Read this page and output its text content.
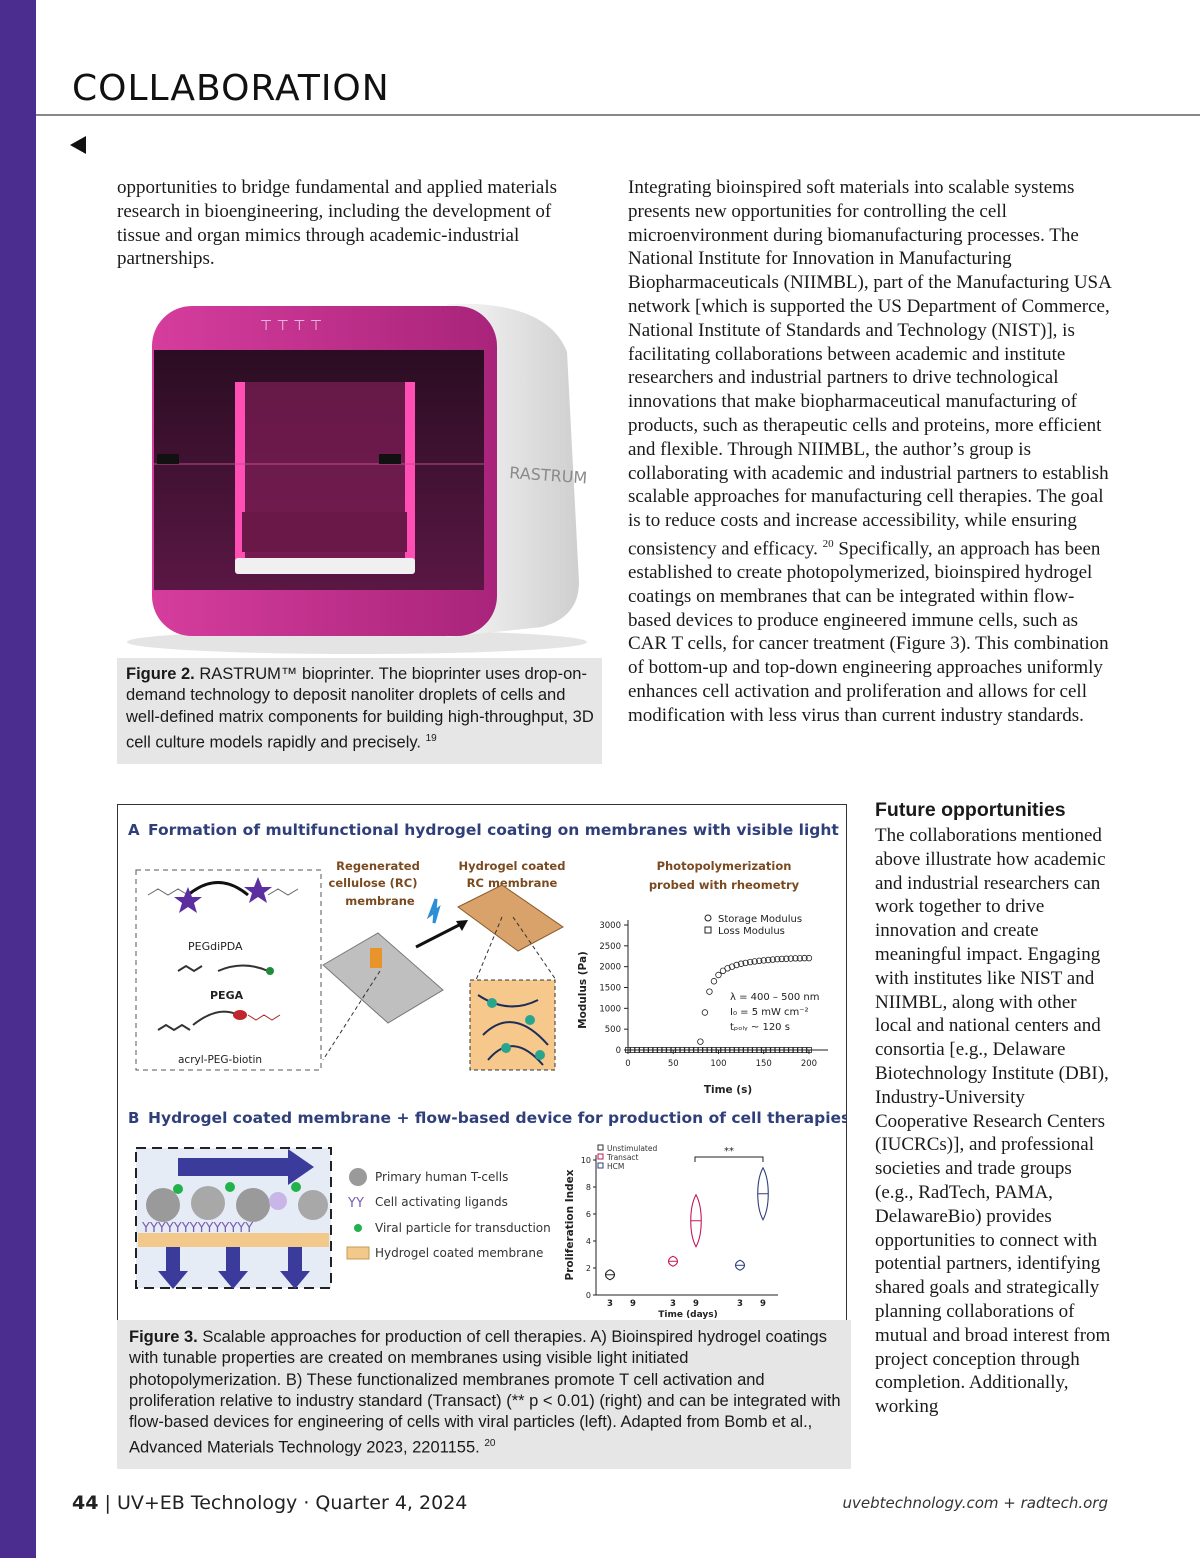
COLLABORATION

opportunities to bridge fundamental and applied materials research in bioengineering, including the development of tissue and organ mimics through academic-industrial partnerships.

Integrating bioinspired soft materials into scalable systems presents new opportunities for controlling the cell microenvironment during biomanufacturing processes. The National Institute for Innovation in Manufacturing Biopharmaceuticals (NIIMBL), part of the Manufacturing USA network [which is supported the US Department of Commerce, National Institute of Standards and Technology (NIST)], is facilitating collaborations between academic and institute researchers and industrial partners to drive technological innovations that make biopharmaceutical manufacturing of products, such as therapeutic cells and proteins, more efficient and flexible. Through NIIMBL, the author’s group is collaborating with academic and industrial partners to establish scalable approaches for manufacturing cell therapies. The goal is to reduce costs and increase accessibility, while ensuring consistency and efficacy. $^{20}$ Specifically, an approach has been established to create photopolymerized, bioinspired hydrogel coatings on membranes that can be integrated within flow-based devices to produce engineered immune cells, such as CAR T cells, for cancer treatment (Figure 3). This combination of bottom-up and top-down engineering approaches uniformly enhances cell activation and proliferation and allows for cell modification with less virus than current industry standards.

⊤ ⊤ ⊤ ⊤
RASTRUM

Figure 2. RASTRUM™ bioprinter. The bioprinter uses drop-on-demand technology to deposit nanoliter droplets of cells and well-defined matrix components for building high-throughput, 3D cell culture models rapidly and precisely. $^{19}$

A Formation of multifunctional hydrogel coating on membranes with visible light
PEGdiPDA
PEGA
acryl-PEG-biotin
Regenerated
cellulose (RC)
membrane
Hydrogel coated
RC membrane
Photopolymerization
probed with rheometry
Modulus (Pa)
Time (s)
Storage Modulus
Loss Modulus
λ = 400 – 500 nm
I₀ = 5 mW cm⁻²
tₚₒₗᵧ ~ 120 s
0
500
1000
1500
2000
2500
3000
0	50	100	150	200
B Hydrogel coated membrane + flow-based device for production of cell therapies
YYYYYYYYYYYYYY
Primary human T-cells
YY Cell activating ligands
Viral particle for transduction
Hydrogel coated membrane Proliferation Index
Time (days)
Unstimulated
Transact
HCM
**
0
2
4
6
8
10
3 9	3 9	3 9

Figure 3. Scalable approaches for production of cell therapies. A) Bioinspired hydrogel coatings with tunable properties are created on membranes using visible light initiated photopolymerization. B) These functionalized membranes promote T cell activation and proliferation relative to industry standard (Transact) (** p < 0.01) (right) and can be integrated with flow-based devices for engineering of cells with viral particles (left). Adapted from Bomb et al., Advanced Materials Technology 2023, 2201155. $^{20}$

Future opportunities

The collaborations mentioned above illustrate how academic and industrial researchers can work together to drive innovation and create meaningful impact. Engaging with institutes like NIST and NIIMBL, along with other local and national centers and consortia [e.g., Delaware Biotechnology Institute (DBI), Industry-University Cooperative Research Centers (IUCRCs)], and professional societies and trade groups (e.g., RadTech, PAMA, DelawareBio) provides opportunities to connect with potential partners, identifying shared goals and strategically planning collaborations of mutual and broad interest from project conception through completion. Additionally, working

44 | UV+EB Technology · Quarter 4, 2024	uvebtechnology.com + radtech.org
